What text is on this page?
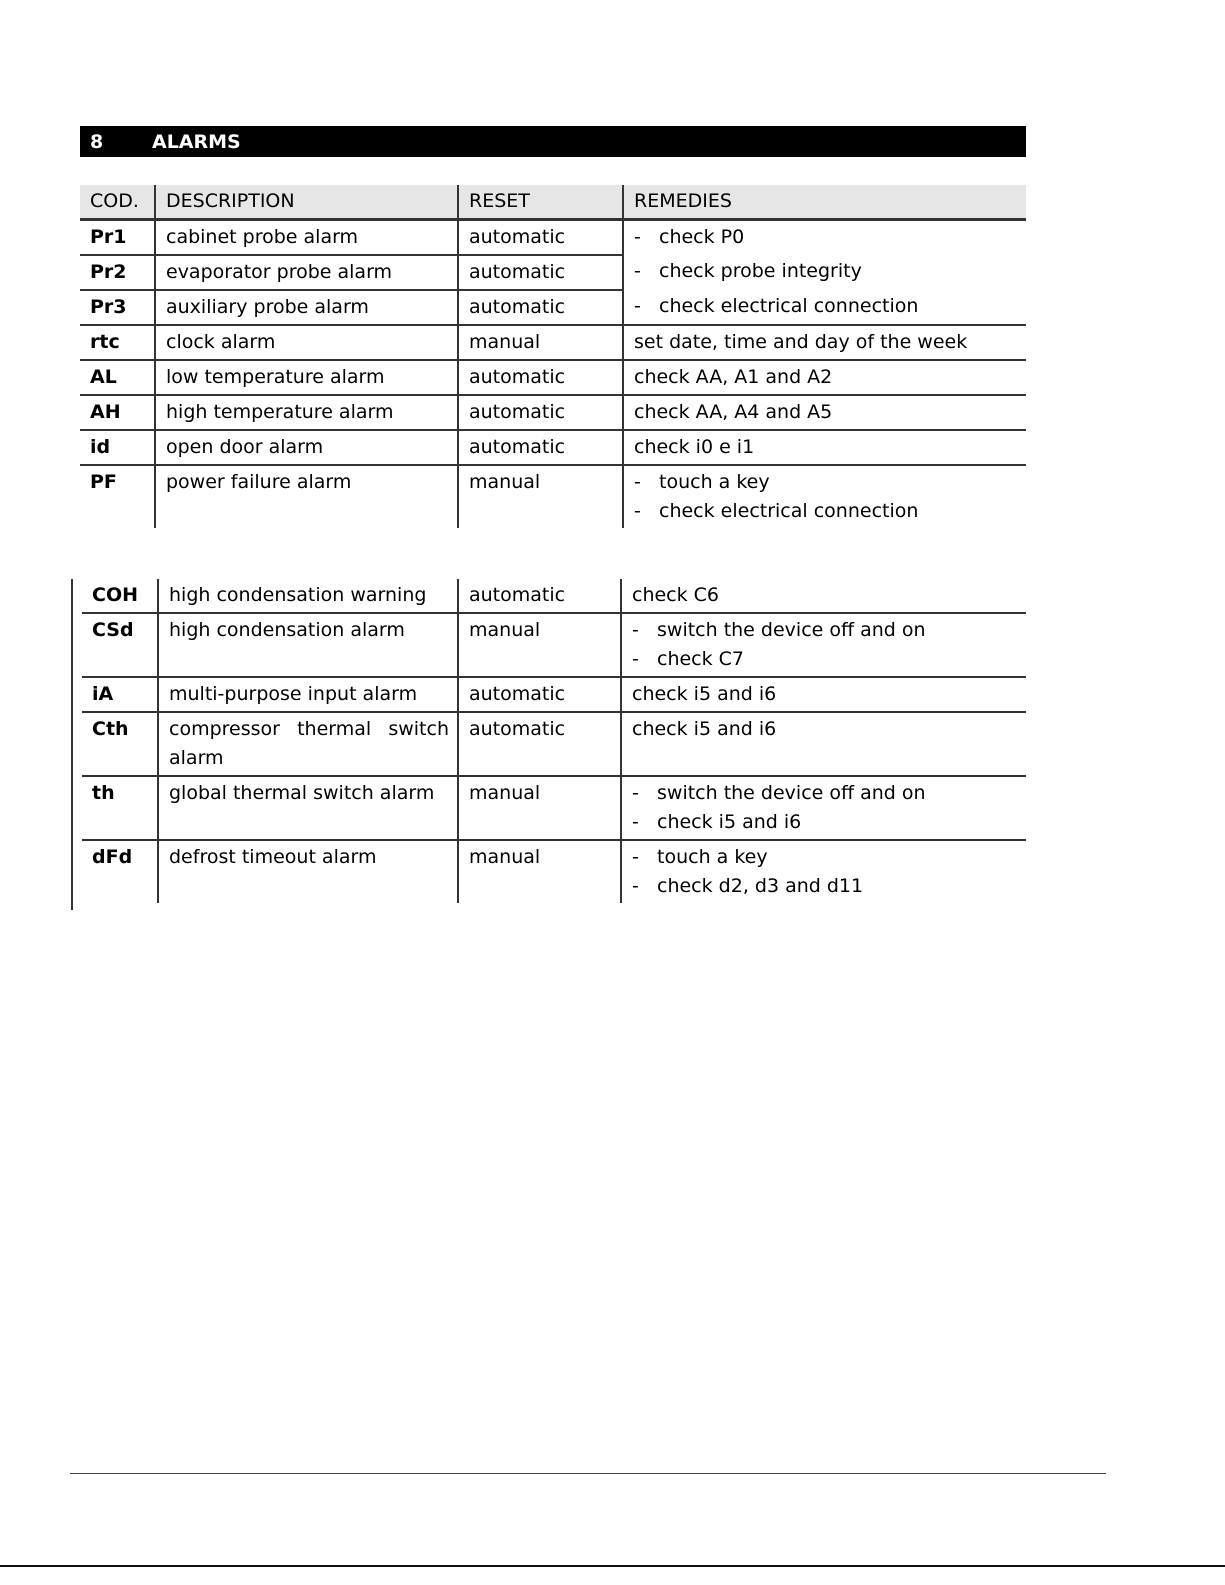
8	ALARMS
COD.	DESCRIPTION	RESET	REMEDIES
Pr1	cabinet probe alarm	automatic	- check P0
Pr2	evaporator probe alarm	automatic	- check probe integrity
Pr3	auxiliary probe alarm	automatic	- check electrical connection
rtc	clock alarm	manual	set date, time and day of the week
AL	low temperature alarm	automatic	check AA, A1 and A2
AH	high temperature alarm	automatic	check AA, A4 and A5
id	open door alarm	automatic	check i0 e i1
PF	power failure alarm	manual	- touch a key
- check electrical connection
COH	high condensation warning	automatic	check C6
CSd	high condensation alarm	manual	- switch the device off and on
- check C7

iA	multi-purpose input alarm	automatic	check i5 and i6
Cth	compressor thermal switch alarm	automatic	check i5 and i6
th	global thermal switch alarm	manual	- switch the device off and on
- check i5 and i6

dFd	defrost timeout alarm	manual	- touch a key
- check d2, d3 and d11
